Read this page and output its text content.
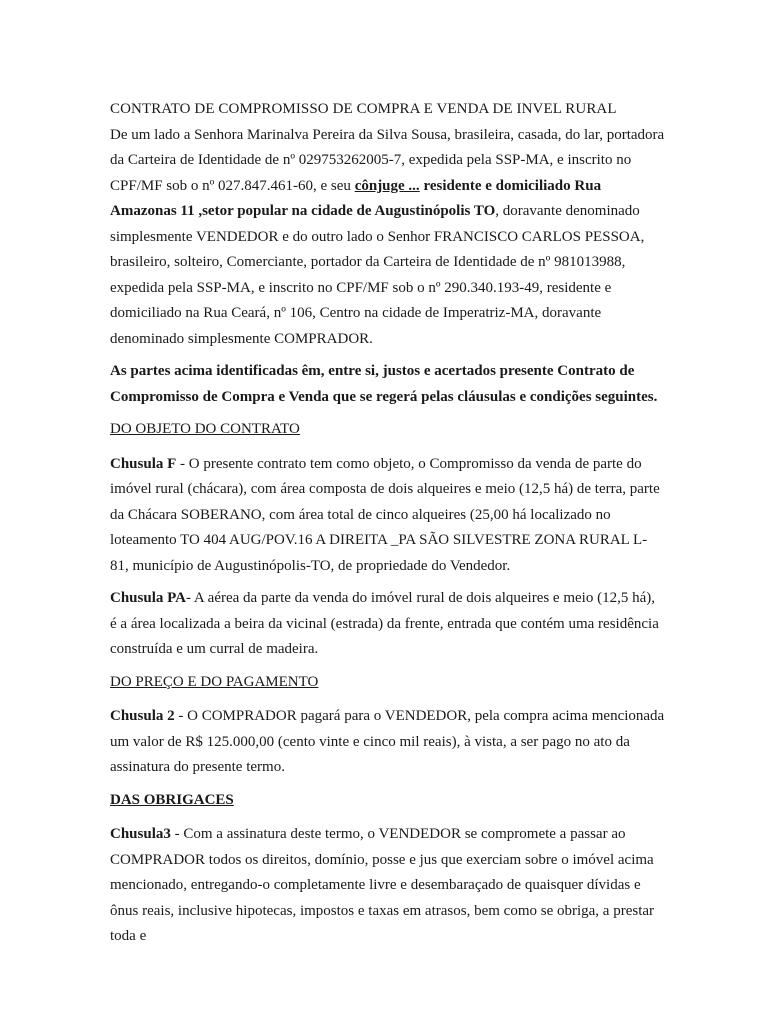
CONTRATO DE COMPROMISSO DE COMPRA E VENDA DE INVEL RURAL

De um lado a Senhora Marinalva Pereira da Silva Sousa, brasileira, casada, do lar, portadora da Carteira de Identidade de nº 029753262005-7, expedida pela SSP-MA, e inscrito no CPF/MF sob o nº 027.847.461-60, e seu cônjuge ... residente e domiciliado Rua Amazonas 11 ,setor popular na cidade de Augustinópolis TO, doravante denominado simplesmente VENDEDOR e do outro lado o Senhor FRANCISCO CARLOS PESSOA, brasileiro, solteiro, Comerciante, portador da Carteira de Identidade de nº 981013988, expedida pela SSP-MA, e inscrito no CPF/MF sob o nº 290.340.193-49, residente e domiciliado na Rua Ceará, nº 106, Centro na cidade de Imperatriz-MA, doravante denominado simplesmente COMPRADOR.

As partes acima identificadas êm, entre si, justos e acertados presente Contrato de Compromisso de Compra e Venda que se regerá pelas cláusulas e condições seguintes.

DO OBJETO DO CONTRATO

Chusula F - O presente contrato tem como objeto, o Compromisso da venda de parte do imóvel rural (chácara), com área composta de dois alqueires e meio (12,5 há) de terra, parte da Chácara SOBERANO, com área total de cinco alqueires (25,00 há localizado no loteamento TO 404 AUG/POV.16 A DIREITA _PA SÃO SILVESTRE ZONA RURAL L-81, município de Augustinópolis-TO, de propriedade do Vendedor.

Chusula PA- A aérea da parte da venda do imóvel rural de dois alqueires e meio (12,5 há), é a área localizada a beira da vicinal (estrada) da frente, entrada que contém uma residência construída e um curral de madeira.

DO PREÇO E DO PAGAMENTO

Chusula 2 - O COMPRADOR pagará para o VENDEDOR, pela compra acima mencionada um valor de R$ 125.000,00 (cento vinte e cinco mil reais), à vista, a ser pago no ato da assinatura do presente termo.

DAS OBRIGACES

Chusula3 - Com a assinatura deste termo, o VENDEDOR se compromete a passar ao COMPRADOR todos os direitos, domínio, posse e jus que exerciam sobre o imóvel acima mencionado, entregando-o completamente livre e desembaraçado de quaisquer dívidas e ônus reais, inclusive hipotecas, impostos e taxas em atrasos, bem como se obriga, a prestar toda e
